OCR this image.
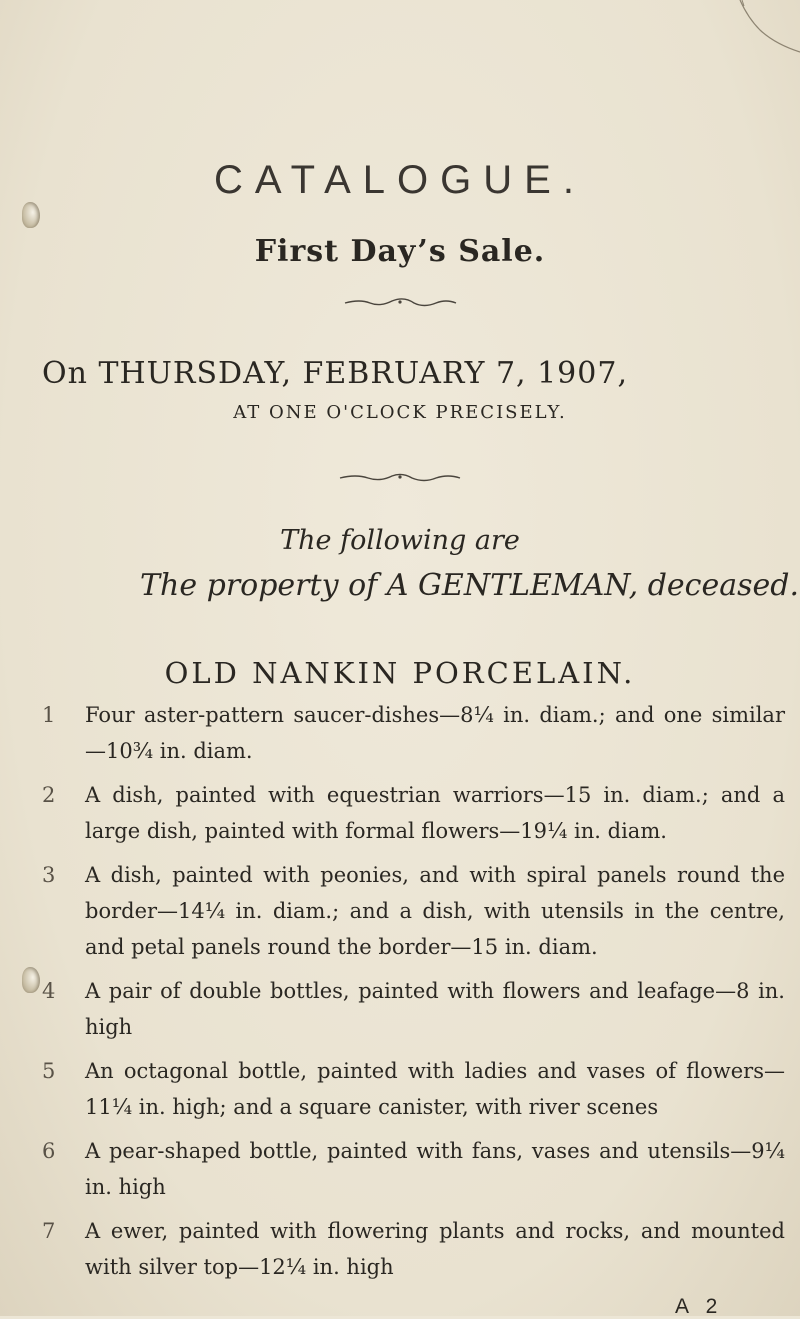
CATALOGUE.
First Day’s Sale.
On THURSDAY, FEBRUARY 7, 1907,
AT ONE O'CLOCK PRECISELY.
The following are
The property of A GENTLEMAN, deceased.
OLD NANKIN PORCELAIN.
1	Four aster-pattern saucer-dishes—8¼ in. diam.; and one similar—10¾ in. diam.
2	A dish, painted with equestrian warriors—15 in. diam.; and a large dish, painted with formal flowers—19¼ in. diam.
3	A dish, painted with peonies, and with spiral panels round the border—14¼ in. diam.; and a dish, with utensils in the centre, and petal panels round the border—15 in. diam.
4	A pair of double bottles, painted with flowers and leafage—8 in. high
5	An octagonal bottle, painted with ladies and vases of flowers—11¼ in. high; and a square canister, with river scenes
6	A pear-shaped bottle, painted with fans, vases and utensils—9¼ in. high
7	A ewer, painted with flowering plants and rocks, and mounted with silver top—12¼ in. high
A 2
